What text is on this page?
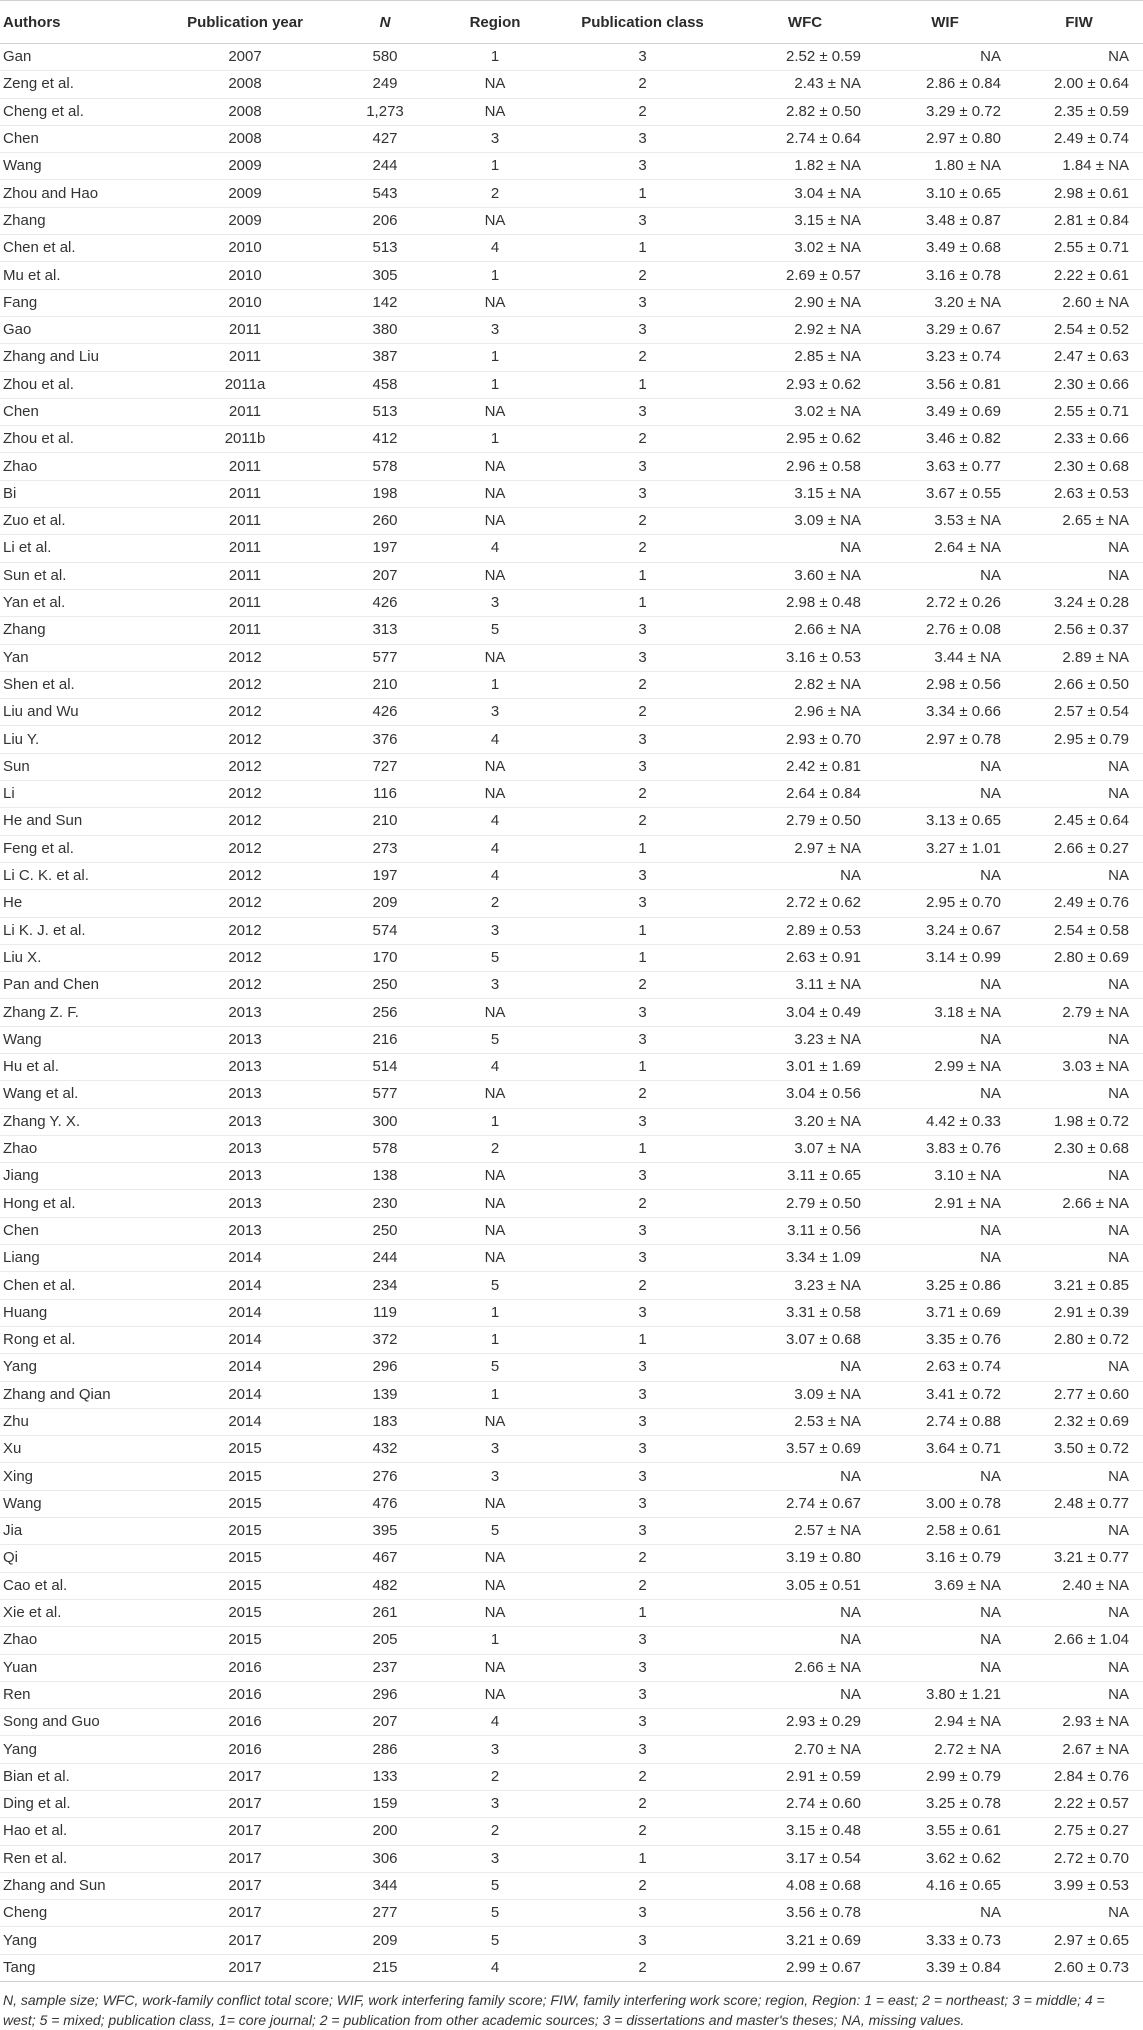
Authors	Publication year	N	Region	Publication class	WFC	WIF	FIW
Gan	2007	580	1	3	2.52 ± 0.59	NA	NA
Zeng et al.	2008	249	NA	2	2.43 ± NA	2.86 ± 0.84	2.00 ± 0.64
Cheng et al.	2008	1,273	NA	2	2.82 ± 0.50	3.29 ± 0.72	2.35 ± 0.59
Chen	2008	427	3	3	2.74 ± 0.64	2.97 ± 0.80	2.49 ± 0.74
Wang	2009	244	1	3	1.82 ± NA	1.80 ± NA	1.84 ± NA
Zhou and Hao	2009	543	2	1	3.04 ± NA	3.10 ± 0.65	2.98 ± 0.61
Zhang	2009	206	NA	3	3.15 ± NA	3.48 ± 0.87	2.81 ± 0.84
Chen et al.	2010	513	4	1	3.02 ± NA	3.49 ± 0.68	2.55 ± 0.71
Mu et al.	2010	305	1	2	2.69 ± 0.57	3.16 ± 0.78	2.22 ± 0.61
Fang	2010	142	NA	3	2.90 ± NA	3.20 ± NA	2.60 ± NA
Gao	2011	380	3	3	2.92 ± NA	3.29 ± 0.67	2.54 ± 0.52
Zhang and Liu	2011	387	1	2	2.85 ± NA	3.23 ± 0.74	2.47 ± 0.63
Zhou et al.	2011a	458	1	1	2.93 ± 0.62	3.56 ± 0.81	2.30 ± 0.66
Chen	2011	513	NA	3	3.02 ± NA	3.49 ± 0.69	2.55 ± 0.71
Zhou et al.	2011b	412	1	2	2.95 ± 0.62	3.46 ± 0.82	2.33 ± 0.66
Zhao	2011	578	NA	3	2.96 ± 0.58	3.63 ± 0.77	2.30 ± 0.68
Bi	2011	198	NA	3	3.15 ± NA	3.67 ± 0.55	2.63 ± 0.53
Zuo et al.	2011	260	NA	2	3.09 ± NA	3.53 ± NA	2.65 ± NA
Li et al.	2011	197	4	2	NA	2.64 ± NA	NA
Sun et al.	2011	207	NA	1	3.60 ± NA	NA	NA
Yan et al.	2011	426	3	1	2.98 ± 0.48	2.72 ± 0.26	3.24 ± 0.28
Zhang	2011	313	5	3	2.66 ± NA	2.76 ± 0.08	2.56 ± 0.37
Yan	2012	577	NA	3	3.16 ± 0.53	3.44 ± NA	2.89 ± NA
Shen et al.	2012	210	1	2	2.82 ± NA	2.98 ± 0.56	2.66 ± 0.50
Liu and Wu	2012	426	3	2	2.96 ± NA	3.34 ± 0.66	2.57 ± 0.54
Liu Y.	2012	376	4	3	2.93 ± 0.70	2.97 ± 0.78	2.95 ± 0.79
Sun	2012	727	NA	3	2.42 ± 0.81	NA	NA
Li	2012	116	NA	2	2.64 ± 0.84	NA	NA
He and Sun	2012	210	4	2	2.79 ± 0.50	3.13 ± 0.65	2.45 ± 0.64
Feng et al.	2012	273	4	1	2.97 ± NA	3.27 ± 1.01	2.66 ± 0.27
Li C. K. et al.	2012	197	4	3	NA	NA	NA
He	2012	209	2	3	2.72 ± 0.62	2.95 ± 0.70	2.49 ± 0.76
Li K. J. et al.	2012	574	3	1	2.89 ± 0.53	3.24 ± 0.67	2.54 ± 0.58
Liu X.	2012	170	5	1	2.63 ± 0.91	3.14 ± 0.99	2.80 ± 0.69
Pan and Chen	2012	250	3	2	3.11 ± NA	NA	NA
Zhang Z. F.	2013	256	NA	3	3.04 ± 0.49	3.18 ± NA	2.79 ± NA
Wang	2013	216	5	3	3.23 ± NA	NA	NA
Hu et al.	2013	514	4	1	3.01 ± 1.69	2.99 ± NA	3.03 ± NA
Wang et al.	2013	577	NA	2	3.04 ± 0.56	NA	NA
Zhang Y. X.	2013	300	1	3	3.20 ± NA	4.42 ± 0.33	1.98 ± 0.72
Zhao	2013	578	2	1	3.07 ± NA	3.83 ± 0.76	2.30 ± 0.68
Jiang	2013	138	NA	3	3.11 ± 0.65	3.10 ± NA	NA
Hong et al.	2013	230	NA	2	2.79 ± 0.50	2.91 ± NA	2.66 ± NA
Chen	2013	250	NA	3	3.11 ± 0.56	NA	NA
Liang	2014	244	NA	3	3.34 ± 1.09	NA	NA
Chen et al.	2014	234	5	2	3.23 ± NA	3.25 ± 0.86	3.21 ± 0.85
Huang	2014	119	1	3	3.31 ± 0.58	3.71 ± 0.69	2.91 ± 0.39
Rong et al.	2014	372	1	1	3.07 ± 0.68	3.35 ± 0.76	2.80 ± 0.72
Yang	2014	296	5	3	NA	2.63 ± 0.74	NA
Zhang and Qian	2014	139	1	3	3.09 ± NA	3.41 ± 0.72	2.77 ± 0.60
Zhu	2014	183	NA	3	2.53 ± NA	2.74 ± 0.88	2.32 ± 0.69
Xu	2015	432	3	3	3.57 ± 0.69	3.64 ± 0.71	3.50 ± 0.72
Xing	2015	276	3	3	NA	NA	NA
Wang	2015	476	NA	3	2.74 ± 0.67	3.00 ± 0.78	2.48 ± 0.77
Jia	2015	395	5	3	2.57 ± NA	2.58 ± 0.61	NA
Qi	2015	467	NA	2	3.19 ± 0.80	3.16 ± 0.79	3.21 ± 0.77
Cao et al.	2015	482	NA	2	3.05 ± 0.51	3.69 ± NA	2.40 ± NA
Xie et al.	2015	261	NA	1	NA	NA	NA
Zhao	2015	205	1	3	NA	NA	2.66 ± 1.04
Yuan	2016	237	NA	3	2.66 ± NA	NA	NA
Ren	2016	296	NA	3	NA	3.80 ± 1.21	NA
Song and Guo	2016	207	4	3	2.93 ± 0.29	2.94 ± NA	2.93 ± NA
Yang	2016	286	3	3	2.70 ± NA	2.72 ± NA	2.67 ± NA
Bian et al.	2017	133	2	2	2.91 ± 0.59	2.99 ± 0.79	2.84 ± 0.76
Ding et al.	2017	159	3	2	2.74 ± 0.60	3.25 ± 0.78	2.22 ± 0.57
Hao et al.	2017	200	2	2	3.15 ± 0.48	3.55 ± 0.61	2.75 ± 0.27
Ren et al.	2017	306	3	1	3.17 ± 0.54	3.62 ± 0.62	2.72 ± 0.70
Zhang and Sun	2017	344	5	2	4.08 ± 0.68	4.16 ± 0.65	3.99 ± 0.53
Cheng	2017	277	5	3	3.56 ± 0.78	NA	NA
Yang	2017	209	5	3	3.21 ± 0.69	3.33 ± 0.73	2.97 ± 0.65
Tang	2017	215	4	2	2.99 ± 0.67	3.39 ± 0.84	2.60 ± 0.73
N, sample size; WFC, work-family conflict total score; WIF, work interfering family score; FIW, family interfering work score; region, Region: 1 = east; 2 = northeast; 3 = middle; 4 = west; 5 = mixed; publication class, 1= core journal; 2 = publication from other academic sources; 3 = dissertations and master's theses; NA, missing values.
